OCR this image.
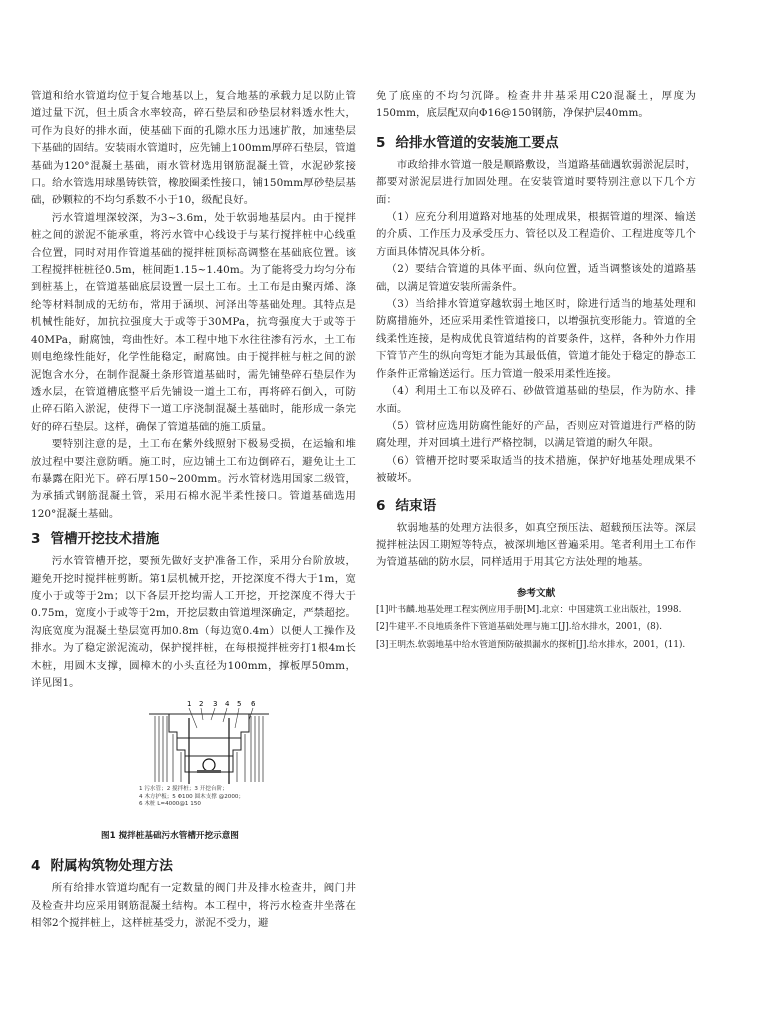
管道和给水管道均位于复合地基以上，复合地基的承载力足以防止管道过量下沉，但土质含水率较高，碎石垫层和砂垫层材料透水性大，可作为良好的排水面，使基础下面的孔隙水压力迅速扩散，加速垫层下基础的固结。安装雨水管道时，应先铺上100mm厚碎石垫层，管道基础为120°混凝土基础，雨水管材选用钢筋混凝土管，水泥砂浆接口。给水管选用球墨铸铁管，橡胶圈柔性接口，铺150mm厚砂垫层基础，砂颗粒的不均匀系数不小于10，级配良好。

污水管道埋深较深，为3~3.6m，处于软弱地基层内。由于搅拌桩之间的淤泥不能承重，将污水管中心线设于与某行搅拌桩中心线重合位置，同时对用作管道基础的搅拌桩顶标高调整在基础底位置。该工程搅拌桩桩径0.5m，桩间距1.15~1.40m。为了能将受力均匀分布到桩基上，在管道基础底层设置一层土工布。土工布是由聚丙烯、涤纶等材料制成的无纺布，常用于涵坝、河泽出等基础处理。其特点是机械性能好，加抗拉强度大于或等于30MPa，抗弯强度大于或等于40MPa，耐腐蚀，弯曲性好。本工程中地下水往往渗有污水，土工布则电绝缘性能好，化学性能稳定，耐腐蚀。由于搅拌桩与桩之间的淤泥饱含水分，在制作混凝土条形管道基础时，需先铺垫碎石垫层作为透水层，在管道槽底整平后先铺设一道土工布，再将碎石倒入，可防止碎石陷入淤泥，使得下一道工序浇制混凝土基础时，能形成一条完好的碎石垫层。这样，确保了管道基础的施工质量。

要特别注意的是，土工布在紫外线照射下极易受损，在运输和堆放过程中要注意防晒。施工时，应边铺土工布边倒碎石，避免让土工布暴露在阳光下。碎石厚150~200mm。污水管材选用国家二级管，为承插式钢筋混凝土管，采用石棉水泥半柔性接口。管道基础选用120°混凝土基础。

3 管槽开挖技术措施

污水管管槽开挖，要预先做好支护准备工作，采用分台阶放坡，避免开挖时搅拌桩剪断。第1层机械开挖，开挖深度不得大于1m，宽度小于或等于2m；以下各层开挖均需人工开挖，开挖深度不得大于0.75m，宽度小于或等于2m，开挖层数由管道埋深确定，严禁超挖。沟底宽度为混凝土垫层宽再加0.8m（每边宽0.4m）以便人工操作及排水。为了稳定淤泥流动，保护搅拌桩，在每根搅拌桩旁打1根4m长木桩，用圆木支撑，圆樟木的小头直径为100mm，撑板厚50mm，详见图1。

1 2 3 4 5 6
1 污水管；2 搅拌桩；3 开挖台阶；
4 木方护板；5 Φ100 圆木支撑 @2000；
6 木桩 L=4000@1 150
图1 搅拌桩基础污水管槽开挖示意图
4 附属构筑物处理方法

所有给排水管道均配有一定数量的阀门井及排水检查井，阀门井及检查井均应采用钢筋混凝土结构。本工程中，将污水检查井坐落在相邻2个搅拌桩上，这样桩基受力，淤泥不受力，避

免了底座的不均匀沉降。检查井井基采用C20混凝土，厚度为150mm，底层配双向Φ16@150钢筋，净保护层40mm。

5 给排水管道的安装施工要点

市政给排水管道一般是顺路敷设，当道路基础遇软弱淤泥层时，都要对淤泥层进行加固处理。在安装管道时要特别注意以下几个方面：

（1）应充分利用道路对地基的处理成果，根据管道的埋深、输送的介质、工作压力及承受压力、管径以及工程造价、工程进度等几个方面具体情况具体分析。

（2）要结合管道的具体平面、纵向位置，适当调整该处的道路基础，以满足管道安装所需条件。

（3）当给排水管道穿越软弱土地区时，除进行适当的地基处理和防腐措施外，还应采用柔性管道接口，以增强抗变形能力。管道的全线柔性连接，是构成优良管道结构的首要条件，这样，各种外力作用下管节产生的纵向弯矩才能为其最低值，管道才能处于稳定的静态工作条件正常输送运行。压力管道一般采用柔性连接。

（4）利用土工布以及碎石、砂做管道基础的垫层，作为防水、排水面。

（5）管材应选用防腐性能好的产品，否则应对管道进行严格的防腐处理，并对回填土进行严格控制，以满足管道的耐久年限。

（6）管槽开挖时要采取适当的技术措施，保护好地基处理成果不被破坏。

6 结束语

软弱地基的处理方法很多，如真空预压法、超载预压法等。深层搅拌桩法因工期短等特点，被深圳地区普遍采用。笔者利用土工布作为管道基础的防水层，同样适用于用其它方法处理的地基。

参考文献

[1]叶书麟.地基处理工程实例应用手册[M].北京：中国建筑工业出版社，1998.

[2]牛建平.不良地质条件下管道基础处理与施工[J].给水排水，2001，(8).

[3]王明杰.软弱地基中给水管道预防破损漏水的探析[J].给水排水，2001，(11).
